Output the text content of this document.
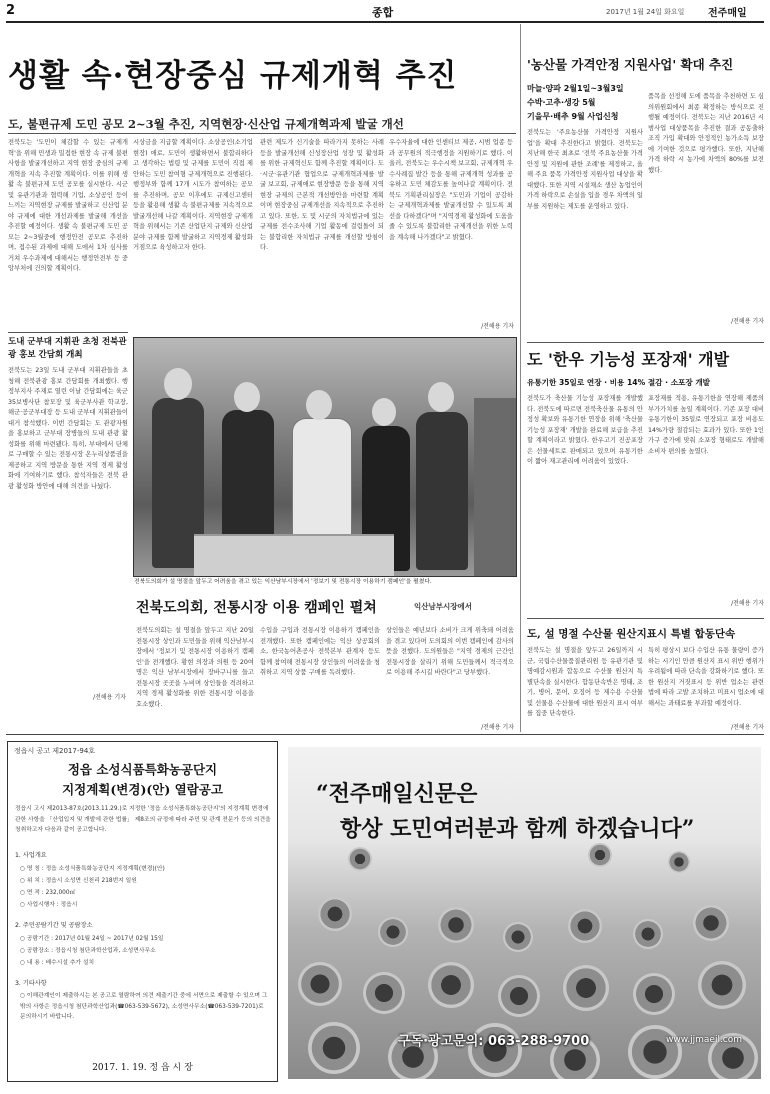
2	종합	2017년 1월 24일 화요일 전주매일
생활 속·현장중심 규제개혁 추진
도, 불편규제 도민 공모 2~3월 추진, 지역현장·신산업 규제개혁과제 발굴 개선
전북도는 '도민이 체감할 수 있는 규제개혁'을 위해 민생과 밀접한 현장 속 규제 불편사항을 발굴개선하고 지역 현장 중심의 규제개혁을 지속 추진할 계획이다. 이를 위해 생활 속 불편규제 도민 공모를 실시한다. 시군 및 유관기관과 협력해 기업, 소상공인 등이 느끼는 지역현장 규제를 발굴하고 신산업 분야 규제에 대한 개선과제를 발굴해 개선을 추진할 예정이다. 생활 속 불편규제 도민 공모는 2~3월중에 행정안전 공모로 추진하며, 접수된 과제에 대해 도에서 1차 심사를 거쳐 우수과제에 대해서는 행정안전부 등 중앙부처에 건의할 계획이다.
시상금을 지급할 계획이다. 소상공인(소기업 현장) 애로, 도민이 생활하면서 불합리하다고 생각하는 법령 및 규제를 도민이 직접 제안하는 도민 참여형 규제개혁으로 진행된다. 행정부와 함께 17개 시도가 참여하는 공모를 추진하며, 공모 이후에도 규제신고센터 등을 활용해 생활 속 불편규제를 지속적으로 발굴개선해 나갈 계획이다. 지역현장 규제개혁을 위해서는 기존 산업단지 규제와 신산업 분야 규제를 함께 발굴하고 지역경제 활성화 거점으로 육성하고자 한다.
관련 제도가 신기술을 따라가지 못하는 사례 등을 발굴개선해 신성장산업 성장 및 활성화를 위한 규제혁신도 함께 추진할 계획이다. 도·시군·유관기관 협업으로 규제개혁과제를 발굴 보고회, 규제애로 현장방문 등을 통해 지역현장 규제의 근본적 개선방안을 마련할 계획이며 현장중심 규제개선을 지속적으로 추진하고 있다. 또한, 도 및 시군의 자치법규에 있는 규제를 전수조사해 기업 활동에 걸림돌이 되는 불합리한 자치법규 규제를 개선할 방침이다.
우수자율에 대한 인센티브 제공, 시범 업종 등과 공무원의 적극행정을 지원하기로 했다. 이울러, 전북도는 우수시책 보고회, 규제개혁 우수사례집 발간 등을 통해 규제개혁 성과를 공유하고 도민 체감도를 높여나갈 계획이다. 전북도 기획관리실장은 "도민과 기업이 공감하는 규제개혁과제를 발굴개선할 수 있도록 최선을 다하겠다"며 "지역경제 활성화에 도움을 줄 수 있도록 불합리한 규제개선을 위한 노력을 계속해 나가겠다"고 밝혔다.
/전해용 기자
도내 군부대 지휘관 초청 전북관광 홍보 간담회 개최
전북도는 23일 도내 군부대 지휘관들을 초청해 전북관광 홍보 간담회를 개최했다. 행정부지사 주재로 열린 이날 간담회에는 육군 35보병사단 참모장 및 육군부사관 학교장, 해군·공군부대장 등 도내 군부대 지휘관들이 대거 참석했다. 이번 간담회는 도 관광자원을 홍보하고 군부대 장병들의 도내 관광 활성화를 위해 마련됐다. 특히, 부대에서 단체로 구매할 수 있는 전통시장 온누리상품권을 제공하고 지역 방문을 통한 지역 경제 활성화에 기여하기로 했다. 참석자들은 전북 관광 활성화 방안에 대해 의견을 나눴다.
/전해용 기자
전북도의회가 설 명절을 앞두고 어려움을 겪고 있는 익산남부시장에서 '정보기 및 전통시장 이용하기 캠페인'을 펼쳤다.
전북도의회, 전통시장 이용 캠페인 펼쳐	익산남부시장에서
전북도의회는 설 명절을 앞두고 지난 20일 전통시장 상인과 도민들을 위해 익산남부시장에서 '정보기 및 전통시장 이용하기 캠페인'을 전개했다. 황현 의장과 의원 등 20여명은 익산 남부시장에서 장바구니를 들고 전통시장 곳곳을 누비며 상인들을 격려하고 지역 경제 활성화를 위한 전통시장 이용을 호소했다.
수입을 구입과 전통시장 이용하기 캠페인을 전개했다. 또한 캠페인에는 익산 상공회의소, 한국농어촌공사 전북본부 관계자 등도 함께 참여해 전통시장 상인들의 어려움을 청취하고 지역 상품 구매를 독려했다.
상인들은 예년보다 소비가 크게 위축돼 어려움을 겪고 있다며 도의회의 이번 캠페인에 감사의 뜻을 전했다. 도의원들은 "지역 경제의 근간인 전통시장을 살리기 위해 도민들께서 적극적으로 이용해 주시길 바란다"고 당부했다.
/전해용 기자
'농산물 가격안정 지원사업' 확대 추진
마늘·양파 2월1일~3월3일
수박·고추·생강 5월
기을무·배추 9월 사업신청
전북도는 '주요농산물 가격안정 지원사업'을 확대 추진한다고 밝혔다. 전북도는 지난해 한국 최초로 '전북 주요농산물 가격안정 및 지원에 관한 조례'를 제정하고, 올해 주요 품목 가격안정 지원사업 대상을 확대했다. 또한 지역 시설채소 생산 농업인이 가격 하락으로 손실을 입을 경우 차액의 일부를 지원하는 제도를 운영하고 있다.
품목을 선정해 도에 품목을 추천하면 도 심의위원회에서 최종 확정하는 방식으로 진행될 예정이다. 전북도는 지난 2016년 시범사업 대상품목을 추진한 결과 공동출하조직 가입 확대와 안정적인 농가소득 보장에 기여한 것으로 평가했다. 또한, 지난해 가격 하락 시 농가에 차액의 80%를 보전했다.
/전해용 기자
도 '한우 기능성 포장재' 개발
유통기한 35일로 연장 · 비용 14% 절감 · 소포장 개발
전북도가 축산물 기능성 포장재를 개발했다. 전북도에 따르면 전북축산물 유통의 안정성 확보와 유통기한 연장을 위해 '축산물 기능성 포장재' 개발을 완료해 보급을 추진할 계획이라고 밝혔다. 한우고기 진공포장은 선물세트로 판매되고 있으며 유통기한이 짧아 재고관리에 어려움이 있었다.
포장재를 적용, 유통기한을 연장해 제품의 부가가치를 높일 계획이다. 기존 포장 대비 유통기한이 35일로 연장되고 포장 비용도 14%가량 절감되는 효과가 있다. 또한 1인 가구 증가에 맞춰 소포장 형태로도 개발해 소비자 편의를 높였다.
/전해용 기자
도, 설 명절 수산물 원산지표시 특별 합동단속
전북도는 설 명절을 앞두고 26일까지 시군, 국립수산물품질관리원 등 유관기관 및 명예감시원과 합동으로 수산물 원산지 특별단속을 실시한다. 합동단속반은 명태, 조기, 병어, 문어, 오징어 등 제수용 수산물 및 선물용 수산물에 대한 원산지 표시 여부를 집중 단속한다.
특히 평상시 보다 수입산 유통 물량이 증가하는 시기인 만큼 원산지 표시 위반 행위가 우려됨에 따라 단속을 강화하기로 했다. 또한 원산지 거짓표시 등 위반 업소는 관련 법에 따라 고발 조치하고 미표시 업소에 대해서는 과태료를 부과할 예정이다.
/전해용 기자
정읍시 공고 제2017-94호
정읍 소성식품특화농공단지
지정계획(변경)(안) 열람공고
정읍시 고시 제2013-87호(2013.11.29.)로 지정한 '정읍 소성식품특화농공단지'의 지정계획 변경에 관한 사항을 「산업입지 및 개발에 관한 법률」 제8조의 규정에 따라 주민 및 관계 전문가 등의 의견을 청취하고자 다음과 같이 공고합니다.
1. 사업개요
○ 명 칭 : 정읍 소성식품특화농공단지 지정계획(변경)(안)
○ 위 치 : 정읍시 소성면 신천리 218번지 일원
○ 면 적 : 232,000㎡
○ 사업시행자 : 정읍시
2. 주민공람기간 및 공람장소
○ 공람기간 : 2017년 01월 24일 ~ 2017년 02월 15일
○ 공람장소 : 정읍시청 첨단과학산업과, 소성면사무소
○ 내 용 : 배수시설 추가 설치
3. 기타사항
○ 이해관계인이 제출하시는 본 공고로 열람하여 의견 제출기간 중에 서면으로 제출할 수 있으며 그 밖의 사항은 정읍시청 첨단과학산업과(☎063-539-5672), 소성면사무소(☎063-539-7201)로 문의하시기 바랍니다.
2017. 1. 19. 정 읍 시 장
“전주매일신문은
항상 도민여러분과 함께 하겠습니다”
구독·광고문의: 063-288-9700	www.jjmaeil.com
